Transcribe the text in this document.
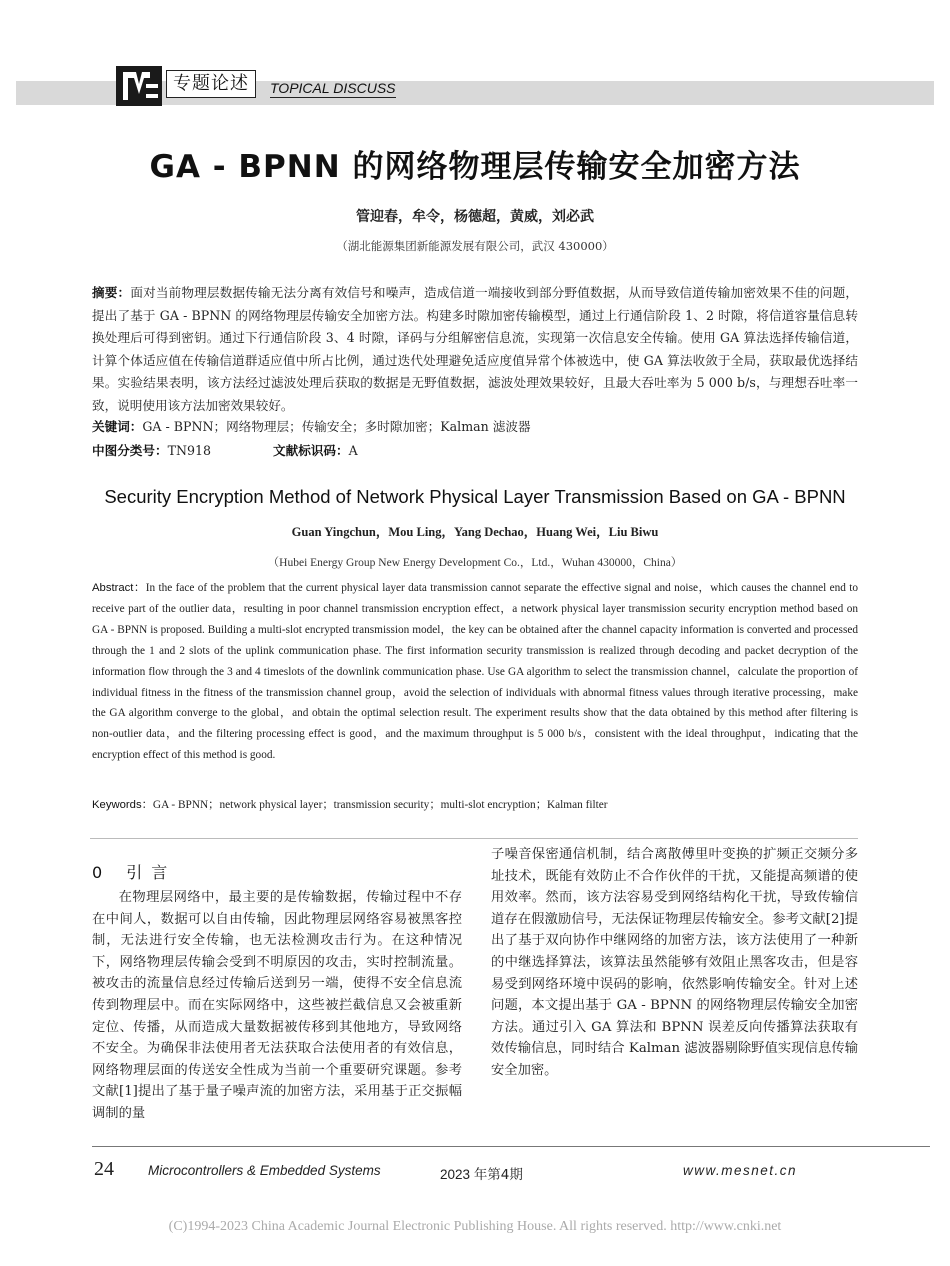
专题论述	TOPICAL DISCUSS
GA - BPNN 的网络物理层传输安全加密方法
管迎春，牟令，杨德超，黄威，刘必武
（湖北能源集团新能源发展有限公司，武汉 430000）
摘要：面对当前物理层数据传输无法分离有效信号和噪声，造成信道一端接收到部分野值数据，从而导致信道传输加密效果不佳的问题，提出了基于 GA - BPNN 的网络物理层传输安全加密方法。构建多时隙加密传输模型，通过上行通信阶段 1、2 时隙，将信道容量信息转换处理后可得到密钥。通过下行通信阶段 3、4 时隙，译码与分组解密信息流，实现第一次信息安全传输。使用 GA 算法选择传输信道，计算个体适应值在传输信道群适应值中所占比例，通过迭代处理避免适应度值异常个体被选中，使 GA 算法收敛于全局，获取最优选择结果。实验结果表明，该方法经过滤波处理后获取的数据是无野值数据，滤波处理效果较好，且最大吞吐率为 5 000 b/s，与理想吞吐率一致，说明使用该方法加密效果较好。
关键词：GA - BPNN；网络物理层；传输安全；多时隙加密；Kalman 滤波器
中图分类号：TN918	文献标识码：A
Security Encryption Method of Network Physical Layer Transmission Based on GA - BPNN
Guan Yingchun，Mou Ling，Yang Dechao，Huang Wei，Liu Biwu
（Hubei Energy Group New Energy Development Co.，Ltd.，Wuhan 430000，China）
Abstract：In the face of the problem that the current physical layer data transmission cannot separate the effective signal and noise，which causes the channel end to receive part of the outlier data，resulting in poor channel transmission encryption effect，a network physical layer transmission security encryption method based on GA - BPNN is proposed. Building a multi-slot encrypted transmission model，the key can be obtained after the channel capacity information is converted and processed through the 1 and 2 slots of the uplink communication phase. The first information security transmission is realized through decoding and packet decryption of the information flow through the 3 and 4 timeslots of the downlink communication phase. Use GA algorithm to select the transmission channel，calculate the proportion of individual fitness in the fitness of the transmission channel group，avoid the selection of individuals with abnormal fitness values through iterative processing，make the GA algorithm converge to the global，and obtain the optimal selection result. The experiment results show that the data obtained by this method after filtering is non-outlier data，and the filtering processing effect is good，and the maximum throughput is 5 000 b/s，consistent with the ideal throughput，indicating that the encryption effect of this method is good.
Keywords：GA - BPNN；network physical layer；transmission security；multi-slot encryption；Kalman filter
0 引 言
在物理层网络中，最主要的是传输数据，传输过程中不存在中间人，数据可以自由传输，因此物理层网络容易被黑客控制，无法进行安全传输，也无法检测攻击行为。在这种情况下，网络物理层传输会受到不明原因的攻击，实时控制流量。被攻击的流量信息经过传输后送到另一端，使得不安全信息流传到物理层中。而在实际网络中，这些被拦截信息又会被重新定位、传播，从而造成大量数据被传移到其他地方，导致网络不安全。为确保非法使用者无法获取合法使用者的有效信息，网络物理层面的传送安全性成为当前一个重要研究课题。参考文献[1]提出了基于量子噪声流的加密方法，采用基于正交振幅调制的量
子噪音保密通信机制，结合离散傅里叶变换的扩频正交频分多址技术，既能有效防止不合作伙伴的干扰，又能提高频谱的使用效率。然而，该方法容易受到网络结构化干扰，导致传输信道存在假激励信号，无法保证物理层传输安全。参考文献[2]提出了基于双向协作中继网络的加密方法，该方法使用了一种新的中继选择算法，该算法虽然能够有效阻止黑客攻击，但是容易受到网络环境中误码的影响，依然影响传输安全。针对上述问题，本文提出基于 GA - BPNN 的网络物理层传输安全加密方法。通过引入 GA 算法和 BPNN 误差反向传播算法获取有效传输信息，同时结合 Kalman 滤波器剔除野值实现信息传输安全加密。
24	Microcontrollers & Embedded Systems	2023 年第4期	www.mesnet.cn
(C)1994-2023 China Academic Journal Electronic Publishing House. All rights reserved. http://www.cnki.net
